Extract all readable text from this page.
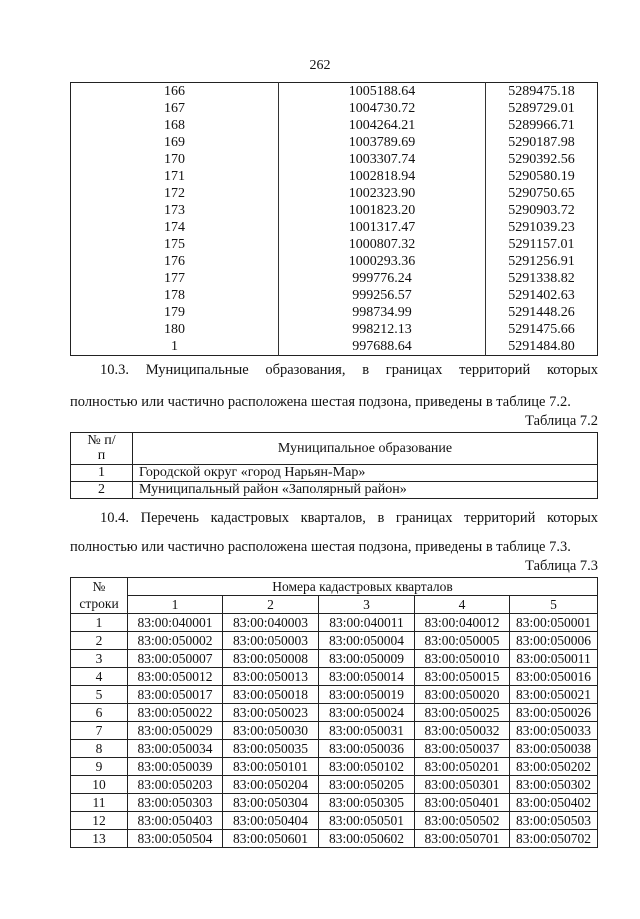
262
166	1005188.64	5289475.18
167	1004730.72	5289729.01
168	1004264.21	5289966.71
169	1003789.69	5290187.98
170	1003307.74	5290392.56
171	1002818.94	5290580.19
172	1002323.90	5290750.65
173	1001823.20	5290903.72
174	1001317.47	5291039.23
175	1000807.32	5291157.01
176	1000293.36	5291256.91
177	999776.24	5291338.82
178	999256.57	5291402.63
179	998734.99	5291448.26
180	998212.13	5291475.66
1	997688.64	5291484.80
10.3. Муниципальные образования, в границах территорий которых
полностью или частично расположена шестая подзона, приведены в таблице 7.2.
Таблица 7.2
№ п/п	Муниципальное образование
1	Городской округ «город Нарьян-Мар»
2	Муниципальный район «Заполярный район»
10.4. Перечень кадастровых кварталов, в границах территорий которых
полностью или частично расположена шестая подзона, приведены в таблице 7.3.
Таблица 7.3
№	Номера кадастровых кварталов				
строки	1	2	3	4	5
1	83:00:040001	83:00:040003	83:00:040011	83:00:040012	83:00:050001
2	83:00:050002	83:00:050003	83:00:050004	83:00:050005	83:00:050006
3	83:00:050007	83:00:050008	83:00:050009	83:00:050010	83:00:050011
4	83:00:050012	83:00:050013	83:00:050014	83:00:050015	83:00:050016
5	83:00:050017	83:00:050018	83:00:050019	83:00:050020	83:00:050021
6	83:00:050022	83:00:050023	83:00:050024	83:00:050025	83:00:050026
7	83:00:050029	83:00:050030	83:00:050031	83:00:050032	83:00:050033
8	83:00:050034	83:00:050035	83:00:050036	83:00:050037	83:00:050038
9	83:00:050039	83:00:050101	83:00:050102	83:00:050201	83:00:050202
10	83:00:050203	83:00:050204	83:00:050205	83:00:050301	83:00:050302
11	83:00:050303	83:00:050304	83:00:050305	83:00:050401	83:00:050402
12	83:00:050403	83:00:050404	83:00:050501	83:00:050502	83:00:050503
13	83:00:050504	83:00:050601	83:00:050602	83:00:050701	83:00:050702
